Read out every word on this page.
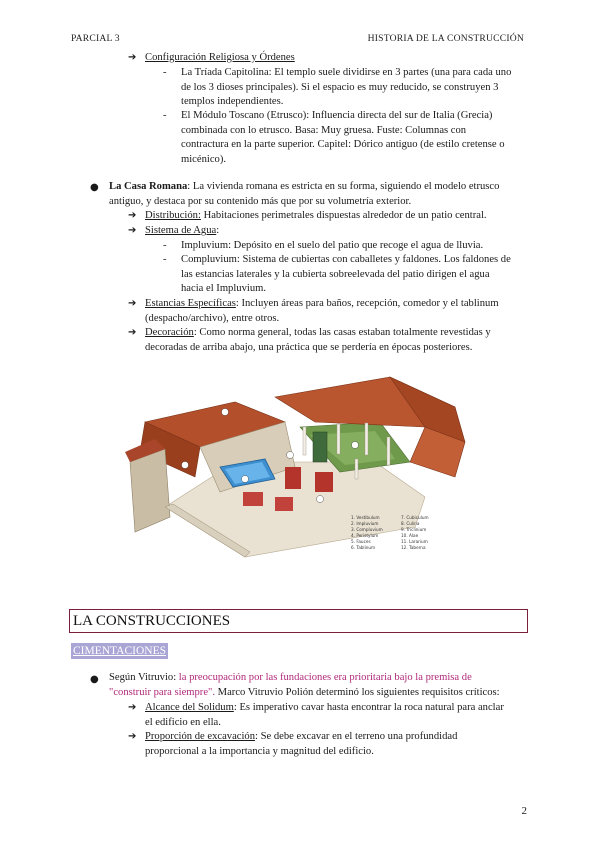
PARCIAL 3	HISTORIA DE LA CONSTRUCCIÓN
➔ Configuración Religiosa y Órdenes
- La Tríada Capitolina: El templo suele dividirse en 3 partes (una para cada uno
de los 3 dioses principales). Si el espacio es muy reducido, se construyen 3
templos independientes.
- El Módulo Toscano (Etrusco): Influencia directa del sur de Italia (Grecia)
combinada con lo etrusco. Basa: Muy gruesa. Fuste: Columnas con
contractura en la parte superior. Capitel: Dórico antiguo (de estilo cretense o
micénico).
● La Casa Romana: La vivienda romana es estricta en su forma, siguiendo el modelo etrusco
antiguo, y destaca por su contenido más que por su volumetría exterior.
➔ Distribución: Habitaciones perimetrales dispuestas alrededor de un patio central.
➔ Sistema de Agua:
- Impluvium: Depósito en el suelo del patio que recoge el agua de lluvia.
- Compluvium: Sistema de cubiertas con caballetes y faldones. Los faldones de
las estancias laterales y la cubierta sobreelevada del patio dirigen el agua
hacia el Impluvium.
➔ Estancias Específicas: Incluyen áreas para baños, recepción, comedor y el tablinum
(despacho/archivo), entre otros.
➔ Decoración: Como norma general, todas las casas estaban totalmente revestidas y
decoradas de arriba abajo, una práctica que se perdería en épocas posteriores.
1. Vestibulum
2. Impluvium
3. Compluvium
4. Peristylum
5. Fauces
6. Tablinum
7. Cubiculum
8. Culina
9. Triclinium
10. Alae
11. Lararium
12. Taberna
LA CONSTRUCCIONES
CIMENTACIONES
● Según Vitruvio: la preocupación por las fundaciones era prioritaria bajo la premisa de
"construir para siempre". Marco Vitruvio Polión determinó los siguientes requisitos críticos:
➔ Alcance del Solidum: Es imperativo cavar hasta encontrar la roca natural para anclar
el edificio en ella.
➔ Proporción de excavación: Se debe excavar en el terreno una profundidad
proporcional a la importancia y magnitud del edificio.
2
